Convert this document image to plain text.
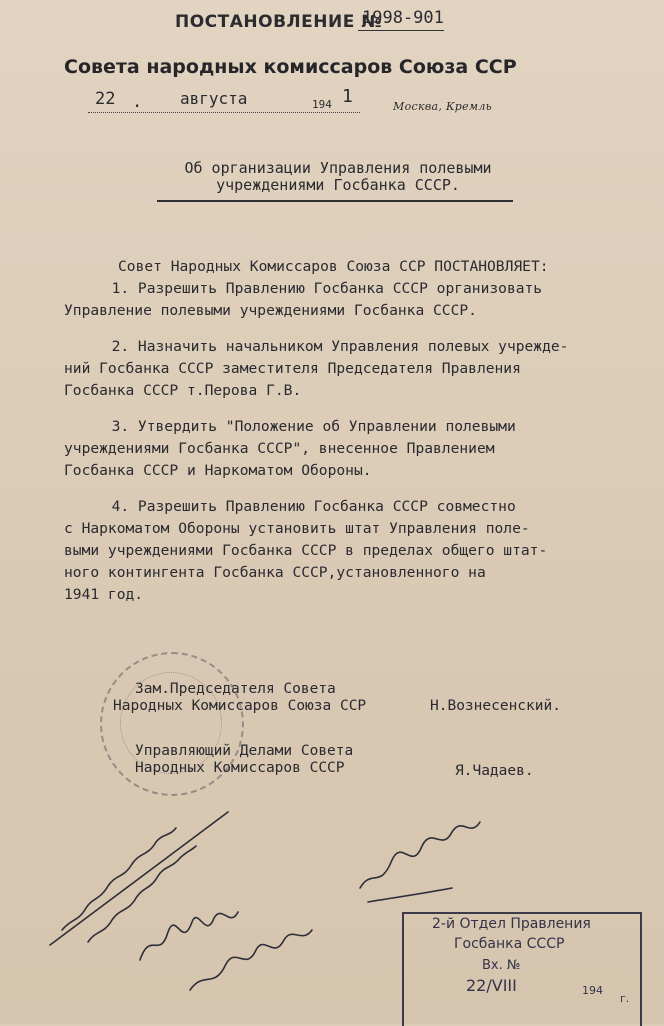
ПОСТАНОВЛЕНИЕ №
1998-901
Совета народных комиссаров Союза ССР
22 . августа	194 1	Москва, Кремль
Об организации Управления полевыми
учреждениями Госбанка СССР.

Совет Народных Комиссаров Союза ССР ПОСТАНОВЛЯЕТ:

1. Разрешить Правлению Госбанка СССР организовать

Управление полевыми учреждениями Госбанка СССР.

2. Назначить начальником Управления полевых учрежде-

ний Госбанка СССР заместителя Председателя Правления

Госбанка СССР т.Перова Г.В.

3. Утвердить "Положение об Управлении полевыми

учреждениями Госбанка СССР", внесенное Правлением

Госбанка СССР и Наркоматом Обороны.

4. Разрешить Правлению Госбанка СССР совместно

с Наркоматом Обороны установить штат Управления поле-

выми учреждениями Госбанка СССР в пределах общего штат-

ного контингента Госбанка СССР,установленного на

1941 год.

Зам.Председателя Совета
Народных Комиссаров Союза ССР	Н.Вознесенский.
Управляющий Делами Совета
Народных Комиссаров СССР	Я.Чадаев.
2-й Отдел Правления
Госбанка СССР
Вх. №
22/VIII	194
г.
